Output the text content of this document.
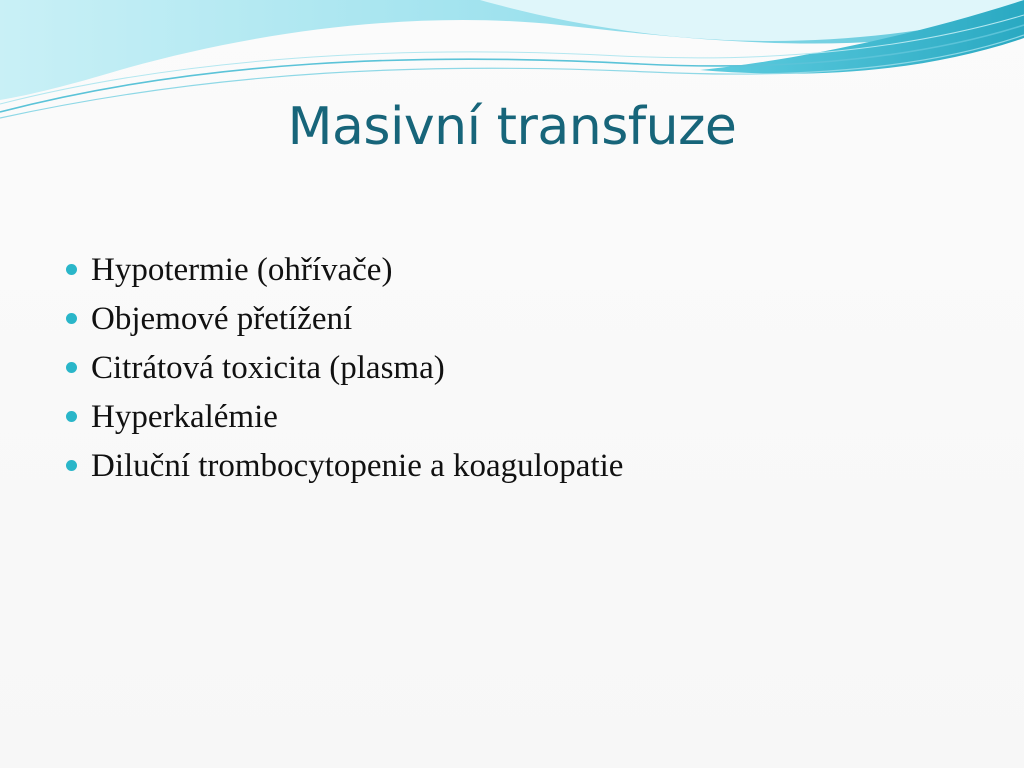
Masivní transfuze
Hypotermie (ohřívače)
Objemové přetížení
Citrátová toxicita (plasma)
Hyperkalémie
Diluční trombocytopenie a koagulopatie
